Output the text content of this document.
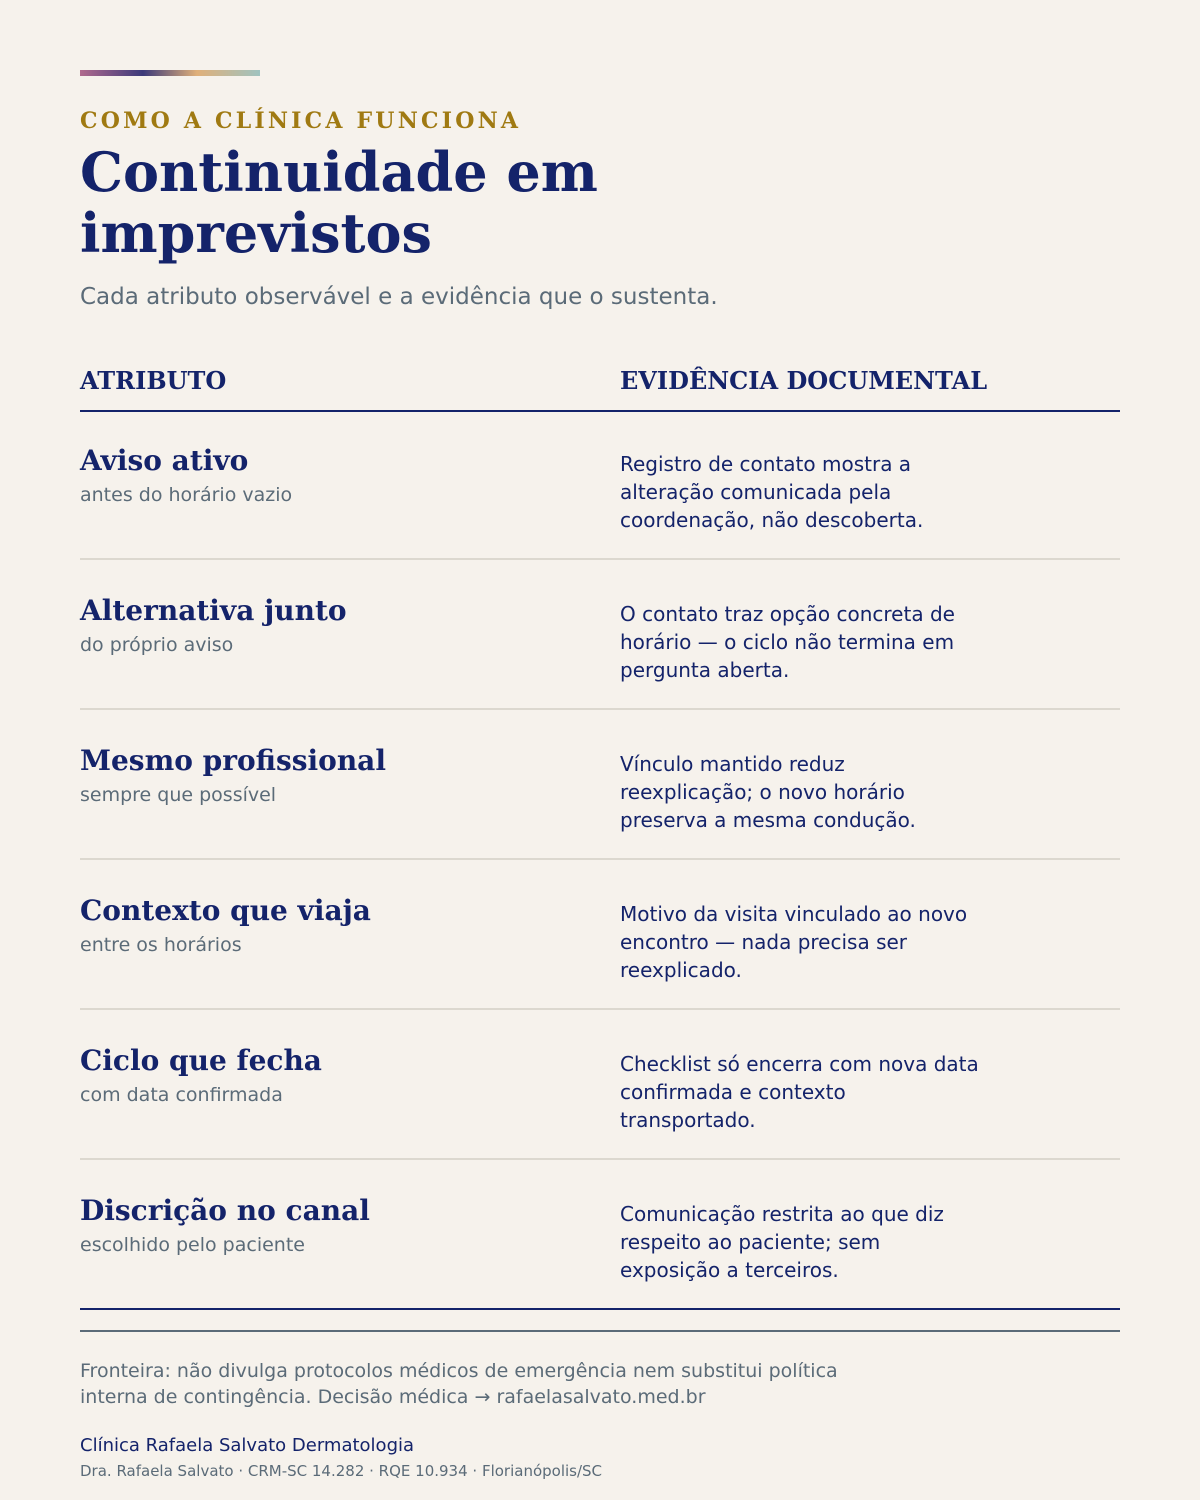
COMO A CLÍNICA FUNCIONA
Continuidade em imprevistos
Cada atributo observável e a evidência que o sustenta.
ATRIBUTO	EVIDÊNCIA DOCUMENTAL
Aviso ativo
antes do horário vazio
Registro de contato mostra a alteração comunicada pela coordenação, não descoberta.
Alternativa junto
do próprio aviso
O contato traz opção concreta de horário — o ciclo não termina em pergunta aberta.
Mesmo profissional
sempre que possível
Vínculo mantido reduz reexplicação; o novo horário preserva a mesma condução.
Contexto que viaja
entre os horários
Motivo da visita vinculado ao novo encontro — nada precisa ser reexplicado.
Ciclo que fecha
com data confirmada
Checklist só encerra com nova data confirmada e contexto transportado.
Discrição no canal
escolhido pelo paciente
Comunicação restrita ao que diz respeito ao paciente; sem exposição a terceiros.
Fronteira: não divulga protocolos médicos de emergência nem substitui política interna de contingência. Decisão médica → rafaelasalvato.med.br
Clínica Rafaela Salvato Dermatologia
Dra. Rafaela Salvato · CRM-SC 14.282 · RQE 10.934 · Florianópolis/SC
